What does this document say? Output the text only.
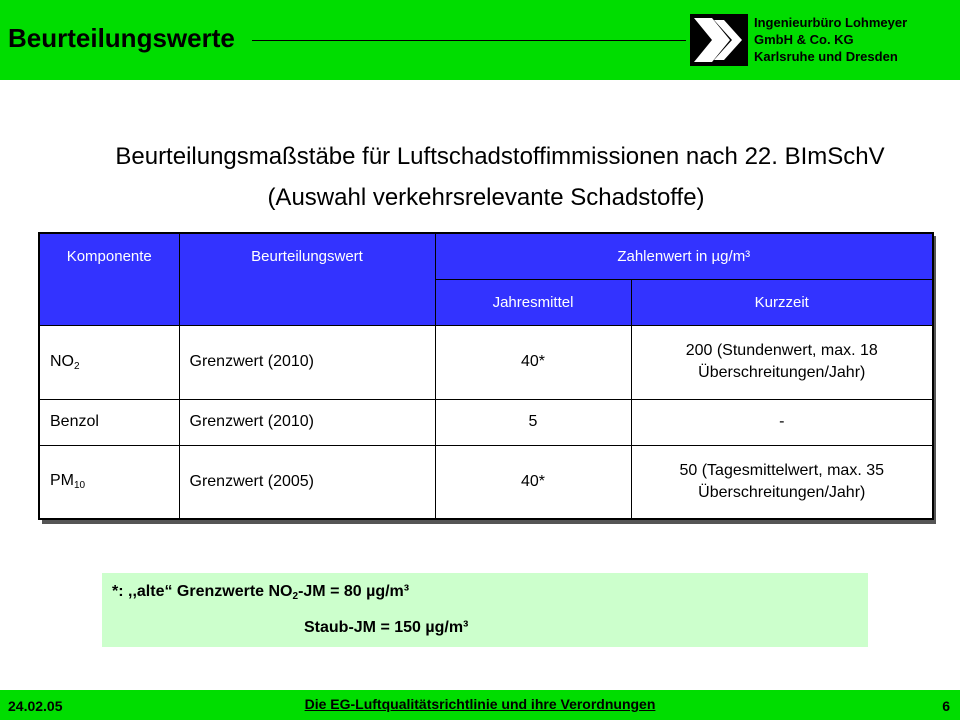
Beurteilungswerte
Ingenieurbüro Lohmeyer
GmbH & Co. KG
Karlsruhe und Dresden
Beurteilungsmaßstäbe für Luftschadstoffimmissionen nach 22. BImSchV
(Auswahl verkehrsrelevante Schadstoffe)
Komponente	Beurteilungswert	Zahlenwert in µg/m³	
		Jahresmittel	Kurzzeit
$NO_2$	Grenzwert (2010)	40*	200 (Stundenwert, max. 18
Überschreitungen/Jahr)

Benzol	Grenzwert (2010)	5	-
$PM_{10}$	Grenzwert (2005)	40*	50 (Tagesmittelwert, max. 35
Überschreitungen/Jahr)
*: ,,alte“ Grenzwerte $NO_2-JM = 80$ µg/m³
Staub-JM = 150 µg/m³
24.02.05	Die EG-Luftqualitätsrichtlinie und ihre Verordnungen	6
